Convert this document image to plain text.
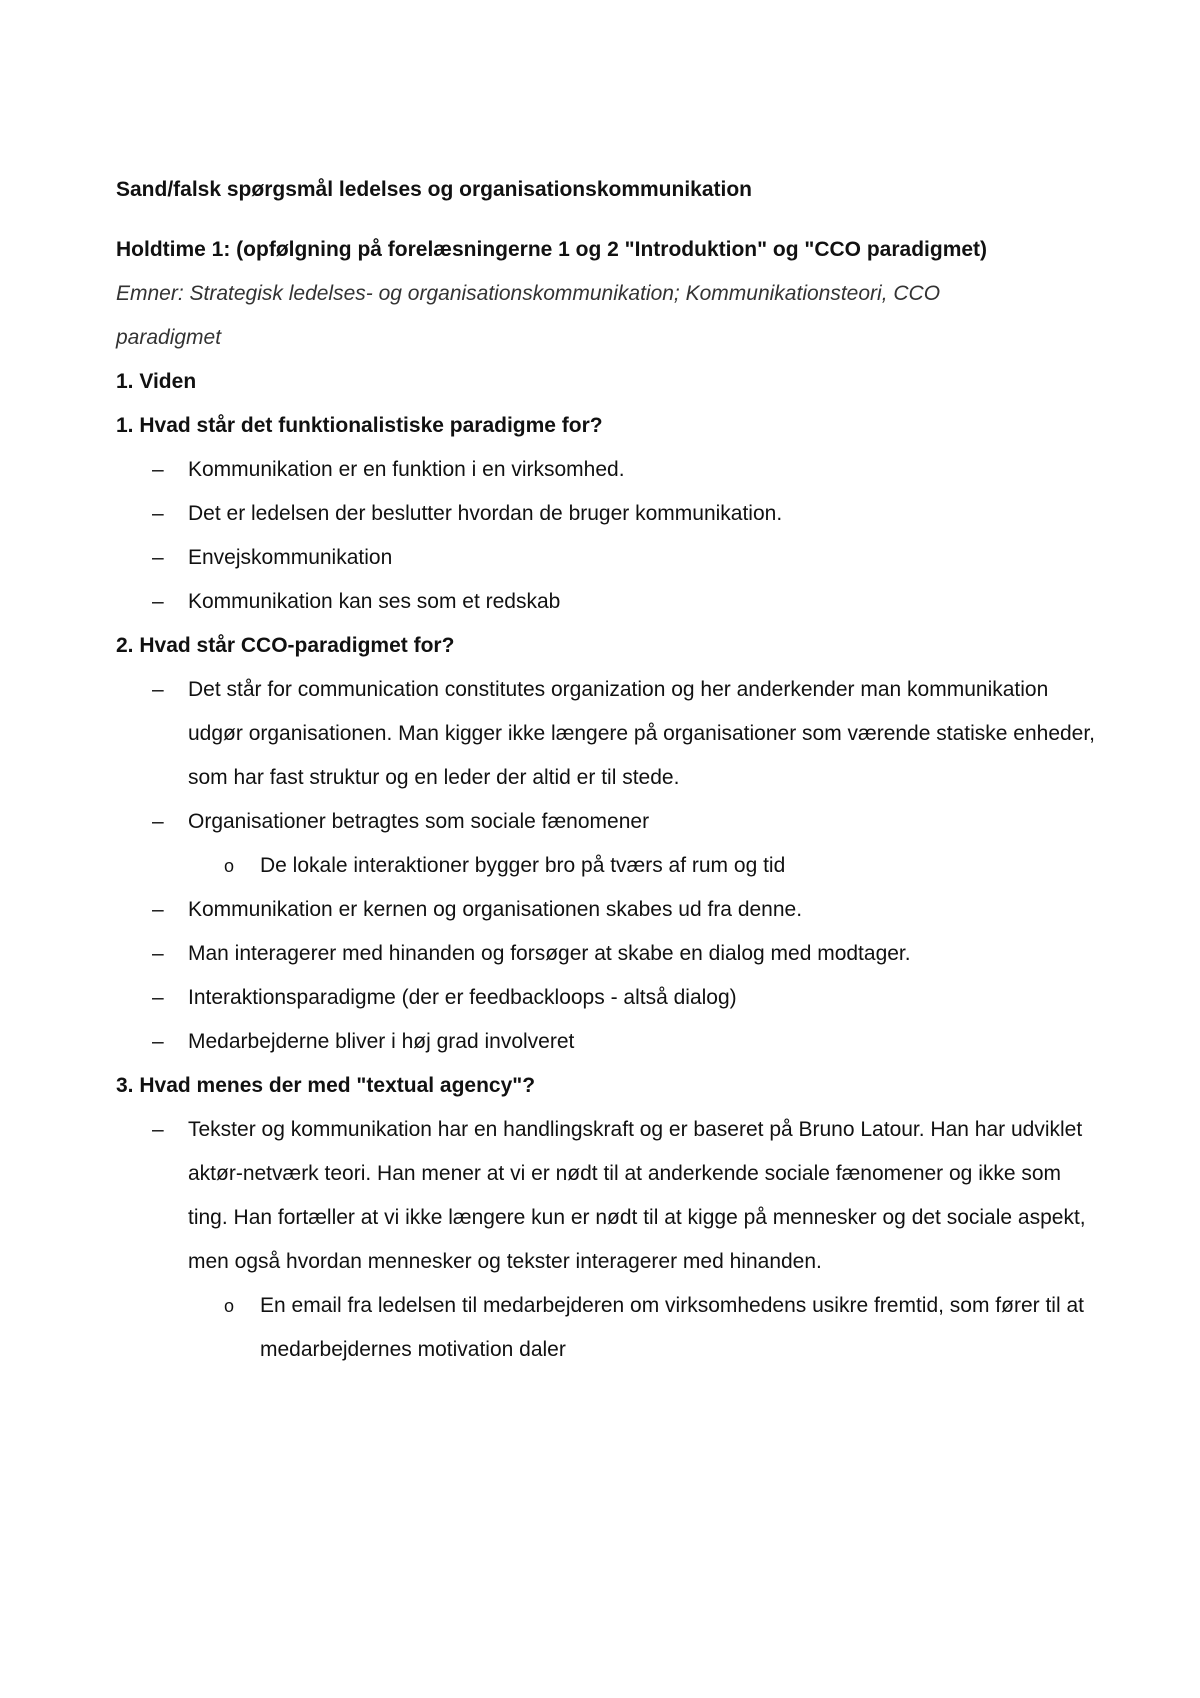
Sand/falsk spørgsmål ledelses og organisationskommunikation
Holdtime 1: (opfølgning på forelæsningerne 1 og 2 "Introduktion" og "CCO paradigmet)
Emner: Strategisk ledelses- og organisationskommunikation; Kommunikationsteori, CCO paradigmet
1. Viden
1. Hvad står det funktionalistiske paradigme for?
–	Kommunikation er en funktion i en virksomhed.
–	Det er ledelsen der beslutter hvordan de bruger kommunikation.
–	Envejskommunikation
–	Kommunikation kan ses som et redskab
2. Hvad står CCO-paradigmet for?
–	Det står for communication constitutes organization og her anderkender man kommunikation udgør organisationen. Man kigger ikke længere på organisationer som værende statiske enheder, som har fast struktur og en leder der altid er til stede.
–	Organisationer betragtes som sociale fænomener
o	De lokale interaktioner bygger bro på tværs af rum og tid
–	Kommunikation er kernen og organisationen skabes ud fra denne.
–	Man interagerer med hinanden og forsøger at skabe en dialog med modtager.
–	Interaktionsparadigme (der er feedbackloops - altså dialog)
–	Medarbejderne bliver i høj grad involveret
3. Hvad menes der med "textual agency"?
–	Tekster og kommunikation har en handlingskraft og er baseret på Bruno Latour. Han har udviklet aktør-netværk teori. Han mener at vi er nødt til at anderkende sociale fænomener og ikke som ting. Han fortæller at vi ikke længere kun er nødt til at kigge på mennesker og det sociale aspekt, men også hvordan mennesker og tekster interagerer med hinanden.
o	En email fra ledelsen til medarbejderen om virksomhedens usikre fremtid, som fører til at medarbejdernes motivation daler
